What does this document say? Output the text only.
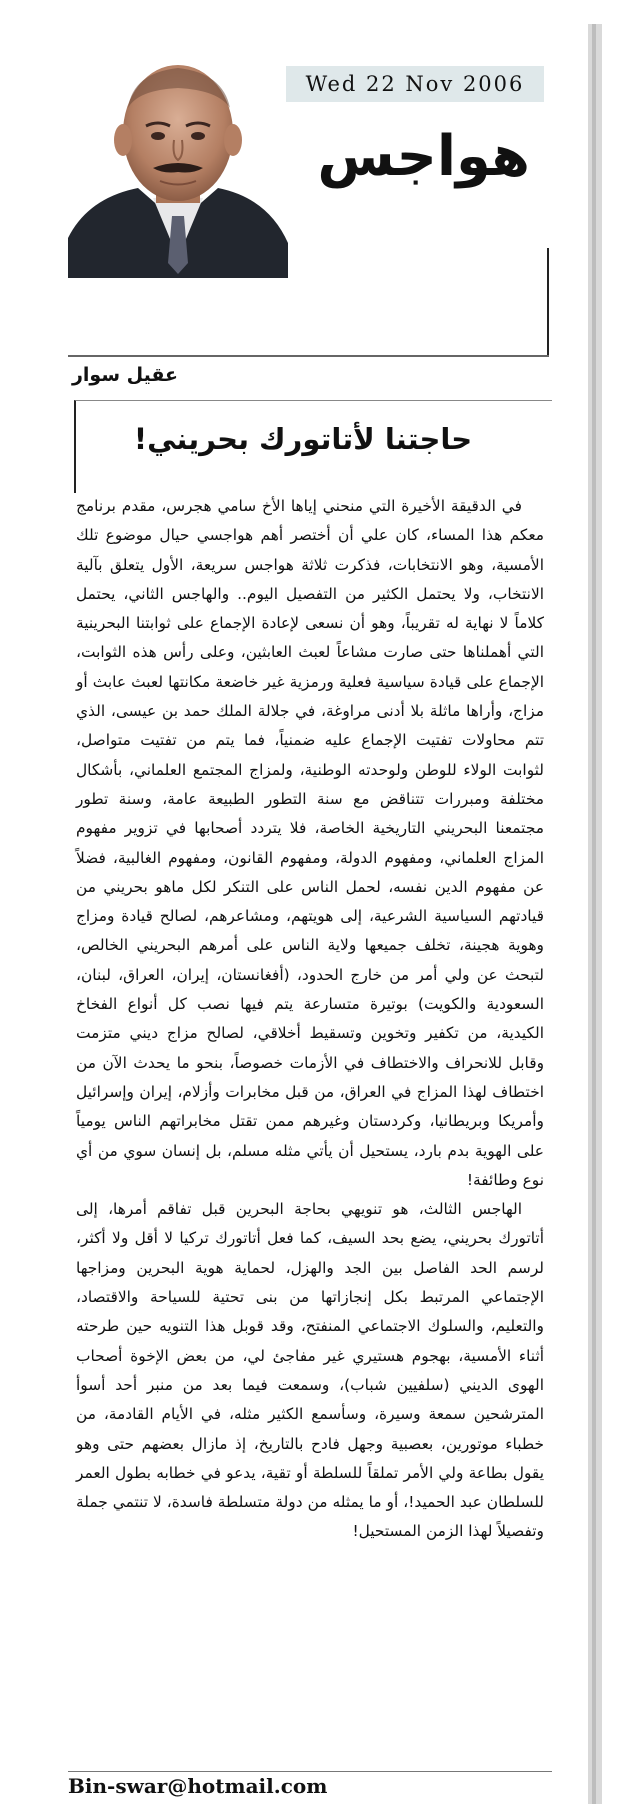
Wed 22 Nov 2006
هواجس
عقيل سوار
حاجتنا لأتاتورك بحريني!

في الدقيقة الأخيرة التي منحني إياها الأخ سامي هجرس، مقدم برنامج معكم هذا المساء، كان علي أن أختصر أهم هواجسي حيال موضوع تلك الأمسية، وهو الانتخابات، فذكرت ثلاثة هواجس سريعة، الأول يتعلق بآلية الانتخاب، ولا يحتمل الكثير من التفصيل اليوم.. والهاجس الثاني، يحتمل كلاماً لا نهاية له تقريباً، وهو أن نسعى لإعادة الإجماع على ثوابتنا البحرينية التي أهملناها حتى صارت مشاعاً لعبث العابثين، وعلى رأس هذه الثوابت، الإجماع على قيادة سياسية فعلية ورمزية غير خاضعة مكانتها لعبث عابث أو مزاج، وأراها ماثلة بلا أدنى مراوغة، في جلالة الملك حمد بن عيسى، الذي تتم محاولات تفتيت الإجماع عليه ضمنياً، فما يتم من تفتيت متواصل، لثوابت الولاء للوطن ولوحدته الوطنية، ولمزاج المجتمع العلماني، بأشكال مختلفة ومبررات تتناقض مع سنة التطور الطبيعة عامة، وسنة تطور مجتمعنا البحريني التاريخية الخاصة، فلا يتردد أصحابها في تزوير مفهوم المزاج العلماني، ومفهوم الدولة، ومفهوم القانون، ومفهوم الغالبية، فضلاً عن مفهوم الدين نفسه، لحمل الناس على التنكر لكل ماهو بحريني من قيادتهم السياسية الشرعية، إلى هويتهم، ومشاعرهم، لصالح قيادة ومزاج وهوية هجينة، تخلف جميعها ولاية الناس على أمرهم البحريني الخالص، لتبحث عن ولي أمر من خارج الحدود، (أفغانستان، إيران، العراق، لبنان، السعودية والكويت) بوتيرة متسارعة يتم فيها نصب كل أنواع الفخاخ الكيدية، من تكفير وتخوين وتسقيط أخلاقي، لصالح مزاج ديني متزمت وقابل للانحراف والاختطاف في الأزمات خصوصاً، بنحو ما يحدث الآن من اختطاف لهذا المزاج في العراق، من قبل مخابرات وأزلام، إيران وإسرائيل وأمريكا وبريطانيا، وكردستان وغيرهم ممن تقتل مخابراتهم الناس يومياً على الهوية بدم بارد، يستحيل أن يأتي مثله مسلم، بل إنسان سوي من أي نوع وطائفة!

الهاجس الثالث، هو تنويهي بحاجة البحرين قبل تفاقم أمرها، إلى أتاتورك بحريني، يضع بحد السيف، كما فعل أتاتورك تركيا لا أقل ولا أكثر، لرسم الحد الفاصل بين الجد والهزل، لحماية هوية البحرين ومزاجها الإجتماعي المرتبط بكل إنجازاتها من بنى تحتية للسياحة والاقتصاد، والتعليم، والسلوك الاجتماعي المنفتح، وقد قوبل هذا التنويه حين طرحته أثناء الأمسية، بهجوم هستيري غير مفاجئ لي، من بعض الإخوة أصحاب الهوى الديني (سلفيين شباب)، وسمعت فيما بعد من منبر أحد أسوأ المترشحين سمعة وسيرة، وسأسمع الكثير مثله، في الأيام القادمة، من خطباء موتورين، بعصبية وجهل فادح بالتاريخ، إذ مازال بعضهم حتى وهو يقول بطاعة ولي الأمر تملقاً للسلطة أو تقية، يدعو في خطابه بطول العمر للسلطان عبد الحميد!، أو ما يمثله من دولة متسلطة فاسدة، لا تنتمي جملة وتفصيلاً لهذا الزمن المستحيل!

Bin-swar@hotmail.com
